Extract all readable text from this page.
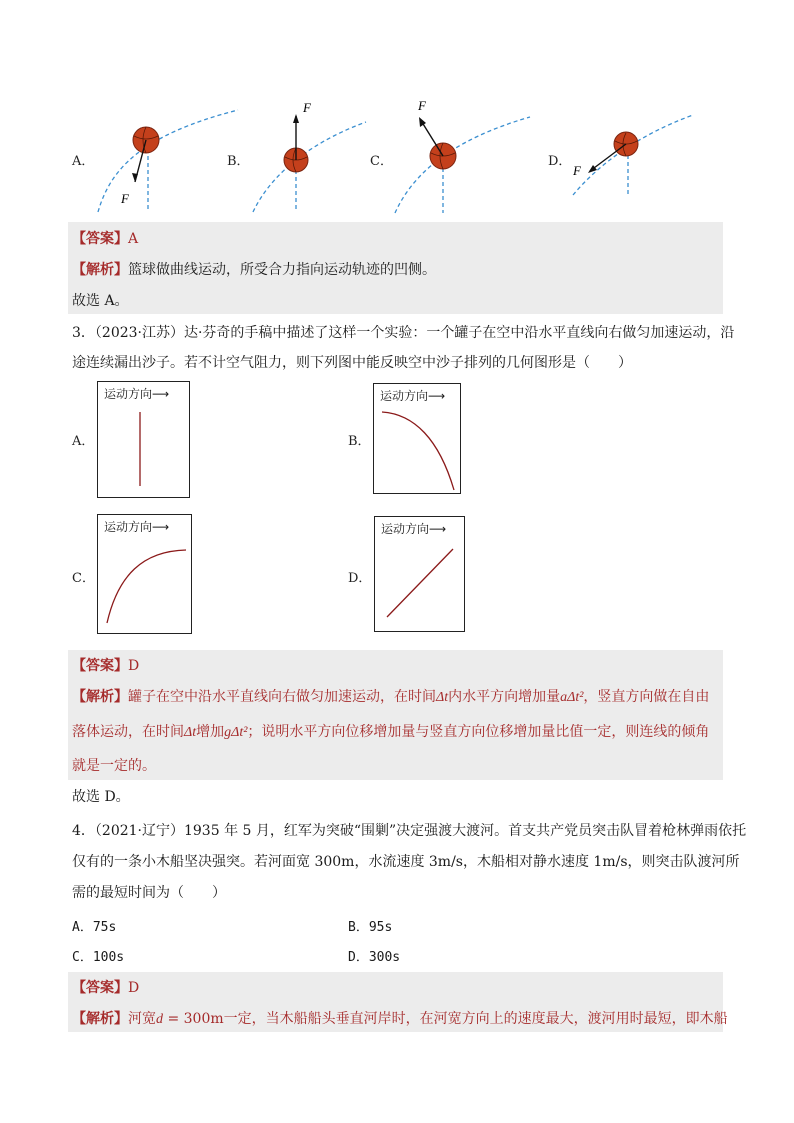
A．	B．	C．	D．
F
F	F
F
【答案】A
【解析】篮球做曲线运动，所受合力指向运动轨迹的凹侧。
故选 A。
3．（2023·江苏）达·芬奇的手稿中描述了这样一个实验：一个罐子在空中沿水平直线向右做匀加速运动，沿
途连续漏出沙子。若不计空气阻力，则下列图中能反映空中沙子排列的几何图形是（　　）
A．
运动方向⟶
B．
运动方向⟶
C．
运动方向⟶
D．
运动方向⟶
【答案】D
【解析】罐子在空中沿水平直线向右做匀加速运动，在时间Δt内水平方向增加量aΔt²，竖直方向做在自由
落体运动，在时间Δt增加gΔt²；说明水平方向位移增加量与竖直方向位移增加量比值一定，则连线的倾角
就是一定的。
故选 D。
4．（2021·辽宁）1935 年 5 月，红军为突破“围剿”决定强渡大渡河。首支共产党员突击队冒着枪林弹雨依托
仅有的一条小木船坚决强突。若河面宽 300m，水流速度 3m/s，木船相对静水速度 1m/s，则突击队渡河所
需的最短时间为（　　）
A．75s	B．95s
C．100s	D．300s
【答案】D
【解析】河宽d = 300m一定，当木船船头垂直河岸时，在河宽方向上的速度最大，渡河用时最短，即木船
